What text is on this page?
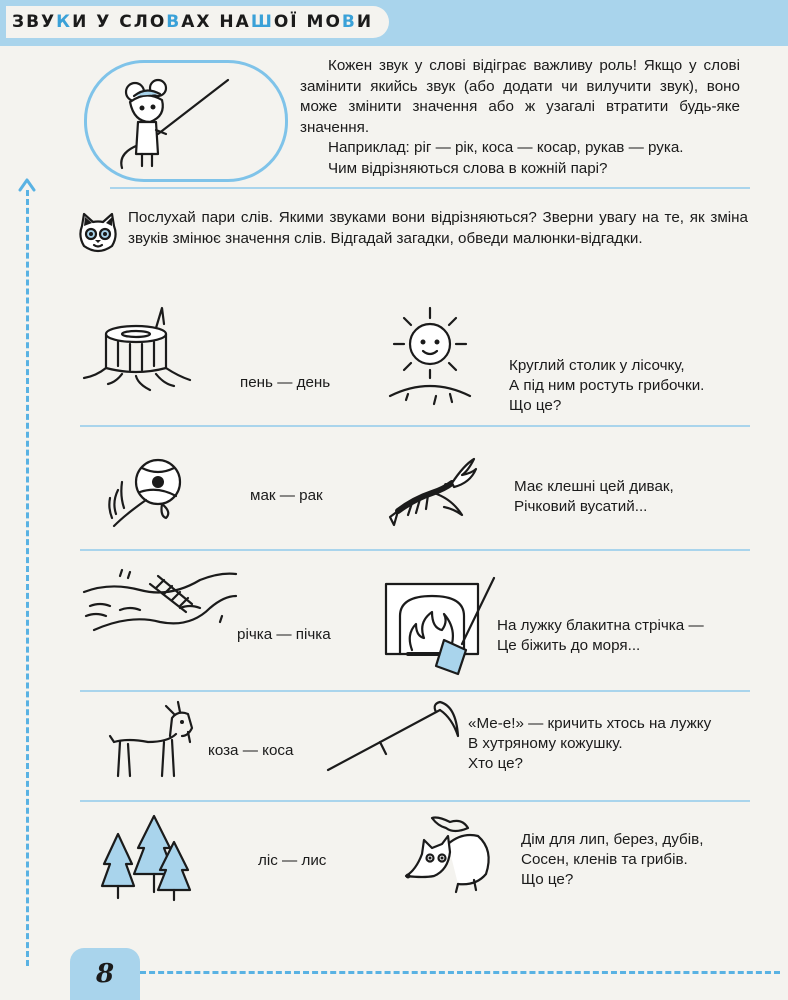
ЗВУКИ У СЛОВАХ НАШОЇ МОВИ

Кожен звук у слові відіграє важливу роль! Якщо у слові замінити якийсь звук (або додати чи вилучити звук), воно може змінити значення або ж узагалі втратити будь-яке значення.

Наприклад: ріг — рік, коса — косар, рукав — рука.

Чим відрізняються слова в кожній парі?

Послухай пари слів. Якими звуками вони відрізняються? Зверни увагу на те, як зміна звуків змінює значення слів. Відгадай загадки, обведи малюнки-відгадки.

пень — день
Круглий столик у лісочку,
А під ним ростуть грибочки.
Що це?
мак — рак
Має клешні цей дивак,
Річковий вусатий...
річка — пічка
На лужку блакитна стрічка —
Це біжить до моря...
коза — коса
«Ме-е!» — кричить хтось на лужку
В хутряному кожушку.
Хто це?
ліс — лис
Дім для лип, берез, дубів,
Сосен, кленів та грибів.
Що це?
8
